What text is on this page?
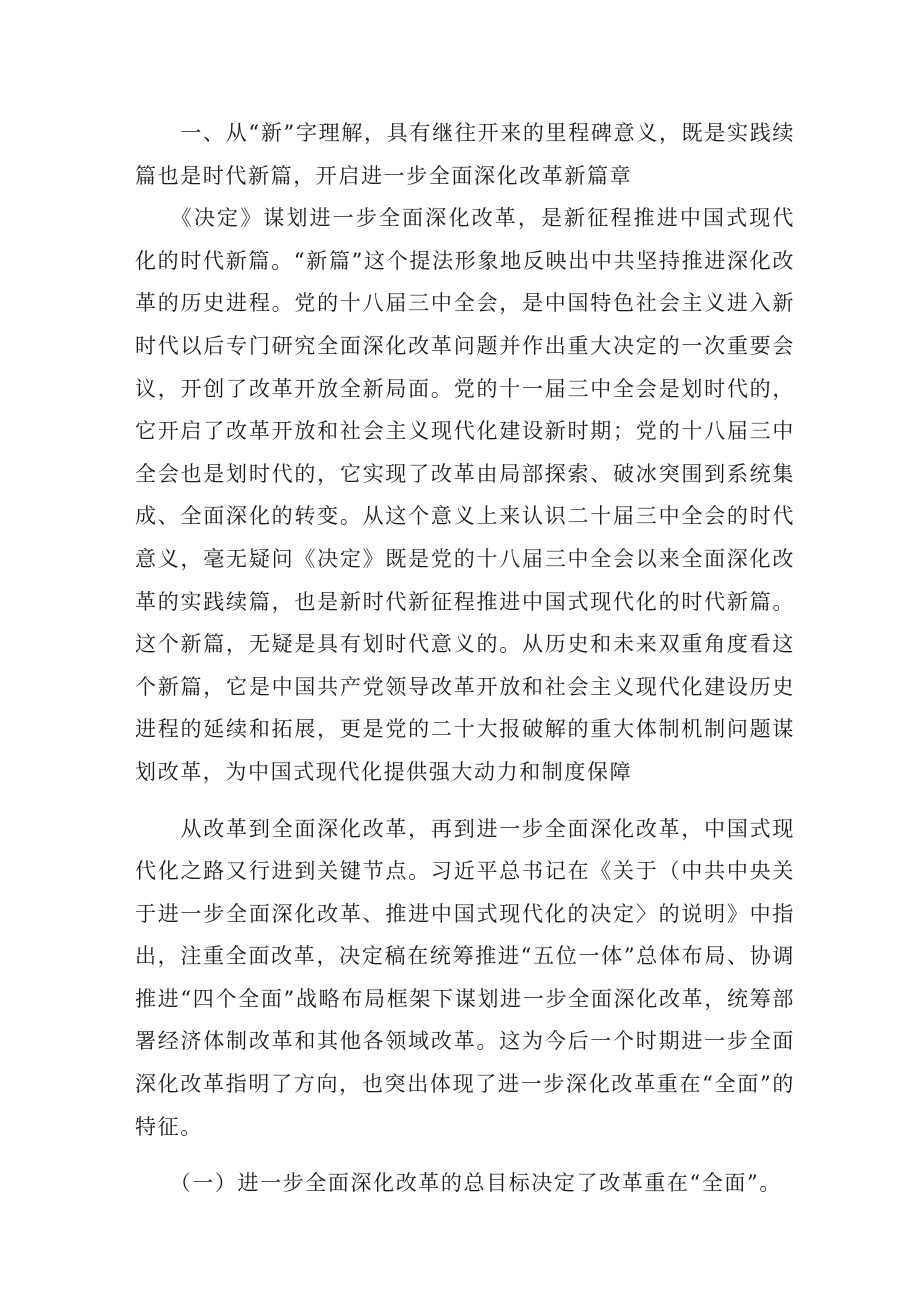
　　一、从“新”字理解，具有继往开来的里程碑意义，既是实践续篇也是时代新篇，开启进一步全面深化改革新篇章

　　《决定》谋划进一步全面深化改革，是新征程推进中国式现代化的时代新篇。“新篇”这个提法形象地反映出中共坚持推进深化改革的历史进程。党的十八届三中全会，是中国特色社会主义进入新时代以后专门研究全面深化改革问题并作出重大决定的一次重要会议，开创了改革开放全新局面。党的十一届三中全会是划时代的，它开启了改革开放和社会主义现代化建设新时期；党的十八届三中全会也是划时代的，它实现了改革由局部探索、破冰突围到系统集成、全面深化的转变。从这个意义上来认识二十届三中全会的时代意义，毫无疑问《决定》既是党的十八届三中全会以来全面深化改革的实践续篇，也是新时代新征程推进中国式现代化的时代新篇。这个新篇，无疑是具有划时代意义的。从历史和未来双重角度看这个新篇，它是中国共产党领导改革开放和社会主义现代化建设历史进程的延续和拓展，更是党的二十大报破解的重大体制机制问题谋划改革，为中国式现代化提供强大动力和制度保障

　　从改革到全面深化改革，再到进一步全面深化改革，中国式现代化之路又行进到关键节点。习近平总书记在《关于（中共中央关于进一步全面深化改革、推进中国式现代化的决定〉的说明》中指出，注重全面改革，决定稿在统筹推进“五位一体”总体布局、协调推进“四个全面”战略布局框架下谋划进一步全面深化改革，统筹部署经济体制改革和其他各领域改革。这为今后一个时期进一步全面深化改革指明了方向，也突出体现了进一步深化改革重在“全面”的特征。

　　（一）进一步全面深化改革的总目标决定了改革重在“全面”。
